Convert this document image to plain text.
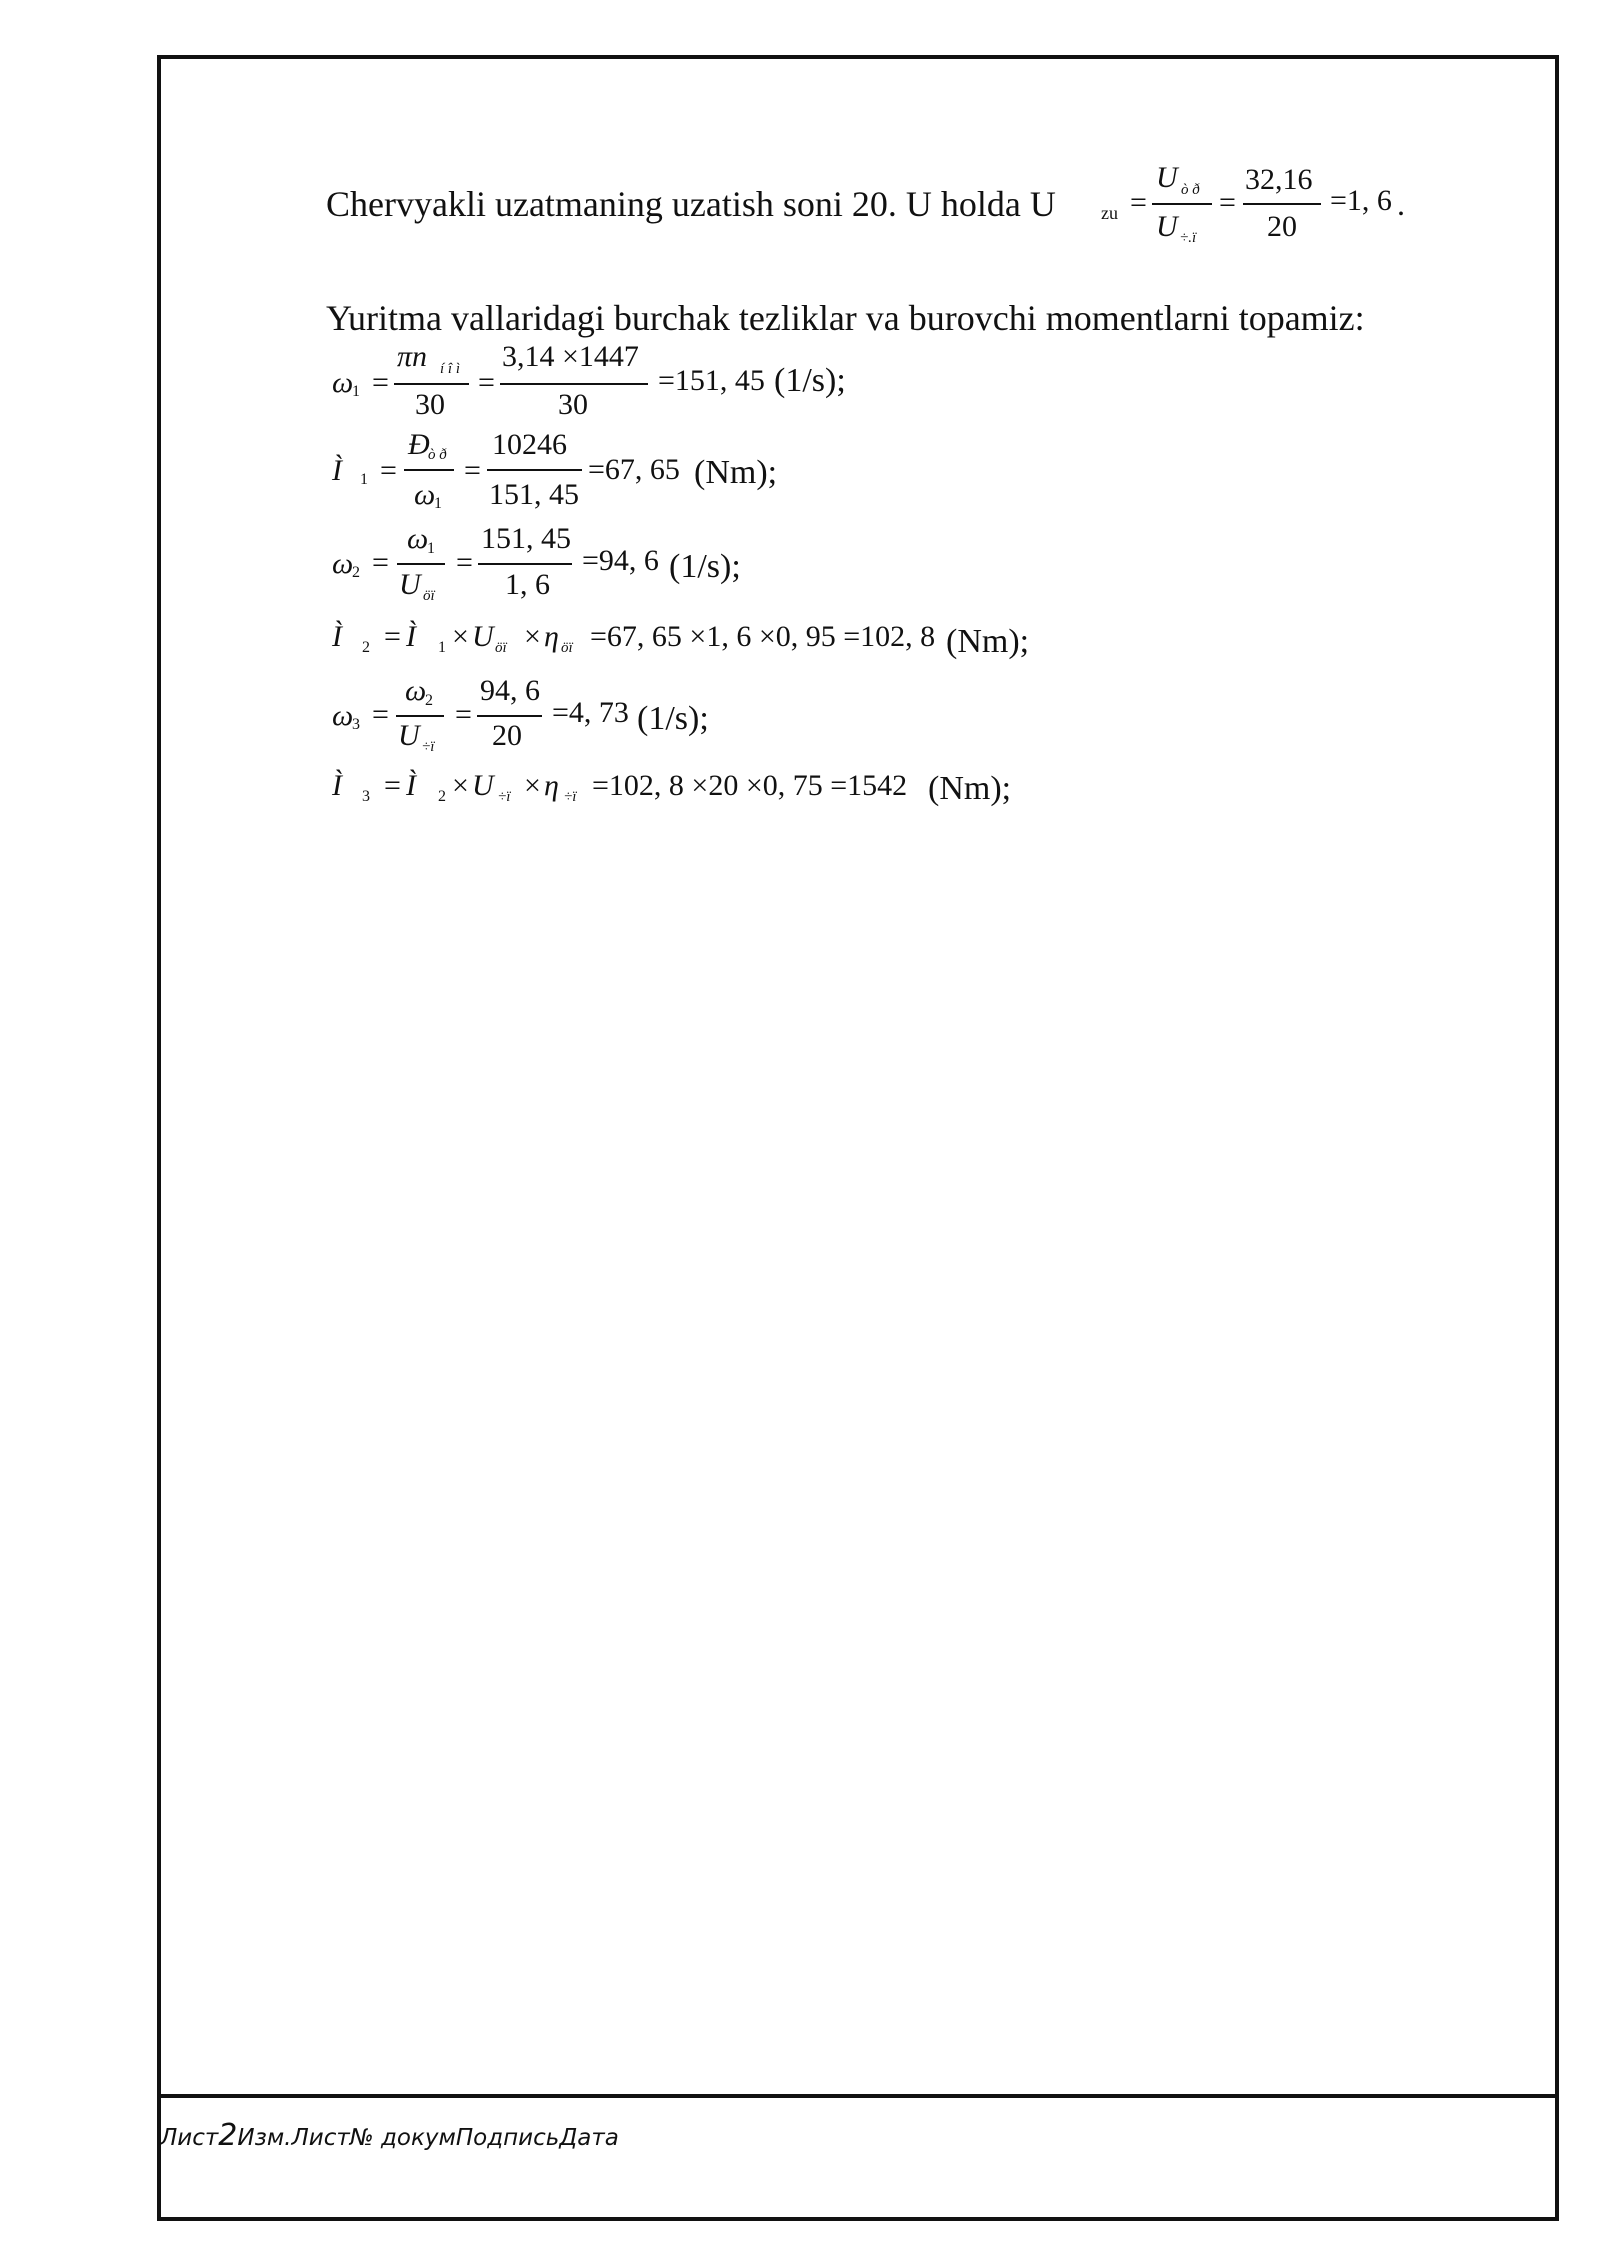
Chervyakli uzatmaning uzatish soni 20. U holda U	zu =
U ò ð
U ÷.ï
=
32,16
20
=1, 6 .
Yuritma vallaridagi burchak tezliklar va burovchi momentlarni topamiz:
ω
1 =
πn í î ì
30
=
3,14 ×1447
30
=151, 45 (1/s);
Ì 1 =
Ð
ò ð
ω
1
=
10246
151, 45
=67, 65 (Nm);
ω
2 =
ω
1
U öï
=
151, 45
1, 6
=94, 6 (1/s);
Ì 2 = Ì 1 × U öï × η öï =67, 65 ×1, 6 ×0, 95 =102, 8 (Nm);
ω
3 =
ω
2
U ÷ï
=
94, 6
20
=4, 73 (1/s);
Ì 3 = Ì 2 × U ÷ï × η ÷ï =102, 8 ×20 ×0, 75 =1542 (Nm);
Лист2Изм.Лист№ докумПодписьДата
